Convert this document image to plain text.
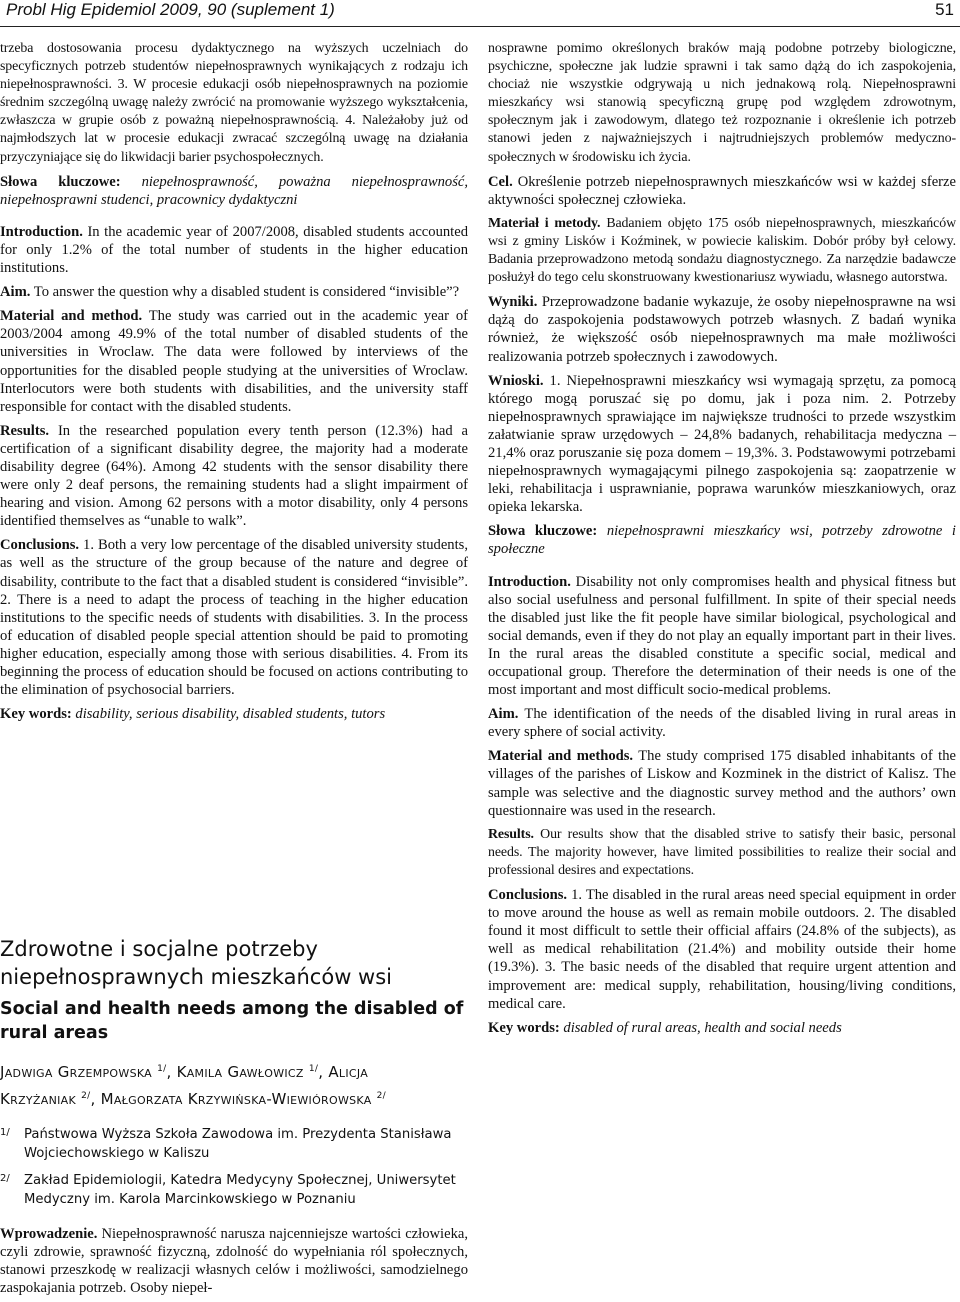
Probl Hig Epidemiol 2009, 90 (suplement 1)	51

trzeba dostosowania procesu dydaktycznego na wyższych uczelniach do specyficznych potrzeb studentów niepełnosprawnych wynikających z rodzaju ich niepełnosprawności. 3. W procesie edukacji osób niepełnosprawnych na poziomie średnim szczególną uwagę należy zwrócić na promowanie wyższego wykształcenia, zwłaszcza w grupie osób z poważną niepełnosprawnością. 4. Należałoby już od najmłodszych lat w procesie edukacji zwracać szczególną uwagę na działania przyczyniające się do likwidacji barier psychospołecznych.

Słowa kluczowe: niepełnosprawność, poważna niepełnosprawność, niepełnosprawni studenci, pracownicy dydaktyczni

Introduction. In the academic year of 2007/2008, disabled students accounted for only 1.2% of the total number of students in the higher education institutions.

Aim. To answer the question why a disabled student is considered “invisible”?

Material and method. The study was carried out in the academic year of 2003/2004 among 49.9% of the total number of disabled students of the universities in Wroclaw. The data were followed by interviews of the opportunities for the disabled people studying at the universities of Wroclaw. Interlocutors were both students with disabilities, and the university staff responsible for contact with the disabled students.

Results. In the researched population every tenth person (12.3%) had a certification of a significant disability degree, the majority had a moderate disability degree (64%). Among 42 students with the sensor disability there were only 2 deaf persons, the remaining students had a slight impairment of hearing and vision. Among 62 persons with a motor disability, only 4 persons identified themselves as “unable to walk”.

Conclusions. 1. Both a very low percentage of the disabled university students, as well as the structure of the group because of the nature and degree of disability, contribute to the fact that a disabled student is considered “invisible”. 2. There is a need to adapt the process of teaching in the higher education institutions to the specific needs of students with disabilities. 3. In the process of education of disabled people special attention should be paid to promoting higher education, especially among those with serious disabilities. 4. From its beginning the process of education should be focused on actions contributing to the elimination of psychosocial barriers.

Key words: disability, serious disability, disabled students, tutors

Zdrowotne i socjalne potrzeby niepełnosprawnych mieszkańców wsi
Social and health needs among the disabled of rural areas
Jadwiga Grzempowska $^{1/}$, Kamila Gawłowicz $^{1/}$, Alicja
Krzyżaniak $^{2/}$, Małgorzata Krzywińska-Wiewiórowska $^{2/}$
1/ Państwowa Wyższa Szkoła Zawodowa im. Prezydenta Stanisława Wojciechowskiego w Kaliszu
2/ Zakład Epidemiologii, Katedra Medycyny Społecznej, Uniwersytet Medyczny im. Karola Marcinkowskiego w Poznaniu
Wprowadzenie. Niepełnosprawność narusza najcenniejsze wartości człowieka, czyli zdrowie, sprawność fizyczną, zdolność do wypełniania ról społecznych, stanowi przeszkodę w realizacji własnych celów i możliwości, samodzielnego zaspokajania potrzeb. Osoby niepeł-

nosprawne pomimo określonych braków mają podobne potrzeby biologiczne, psychiczne, społeczne jak ludzie sprawni i tak samo dążą do ich zaspokojenia, chociaż nie wszystkie odgrywają u nich jednakową rolą. Niepełnosprawni mieszkańcy wsi stanowią specyficzną grupę pod względem zdrowotnym, społecznym jak i zawodowym, dlatego też rozpoznanie i określenie ich potrzeb stanowi jeden z najważniejszych i najtrudniejszych problemów medyczno-społecznych w środowisku ich życia.

Cel. Określenie potrzeb niepełnosprawnych mieszkańców wsi w każdej sferze aktywności społecznej człowieka.

Materiał i metody. Badaniem objęto 175 osób niepełnosprawnych, mieszkańców wsi z gminy Lisków i Koźminek, w powiecie kaliskim. Dobór próby był celowy. Badania przeprowadzono metodą sondażu diagnostycznego. Za narzędzie badawcze posłużył do tego celu skonstruowany kwestionariusz wywiadu, własnego autorstwa.

Wyniki. Przeprowadzone badanie wykazuje, że osoby niepełnosprawne na wsi dążą do zaspokojenia podstawowych potrzeb własnych. Z badań wynika również, że większość osób niepełnosprawnych ma małe możliwości realizowania potrzeb społecznych i zawodowych.

Wnioski. 1. Niepełnosprawni mieszkańcy wsi wymagają sprzętu, za pomocą którego mogą poruszać się po domu, jak i poza nim. 2. Potrzeby niepełnosprawnych sprawiające im największe trudności to przede wszystkim załatwianie spraw urzędowych – 24,8% badanych, rehabilitacja medyczna – 21,4% oraz poruszanie się poza domem – 19,3%. 3. Podstawowymi potrzebami niepełnosprawnych wymagającymi pilnego zaspokojenia są: zaopatrzenie w leki, rehabilitacja i usprawnianie, poprawa warunków mieszkaniowych, oraz opieka lekarska.

Słowa kluczowe: niepełnosprawni mieszkańcy wsi, potrzeby zdrowotne i społeczne

Introduction. Disability not only compromises health and physical fitness but also social usefulness and personal fulfillment. In spite of their special needs the disabled just like the fit people have similar biological, psychological and social demands, even if they do not play an equally important part in their lives. In the rural areas the disabled constitute a specific social, medical and occupational group. Therefore the determination of their needs is one of the most important and most difficult socio-medical problems.

Aim. The identification of the needs of the disabled living in rural areas in every sphere of social activity.

Material and methods. The study comprised 175 disabled inhabitants of the villages of the parishes of Liskow and Kozminek in the district of Kalisz. The sample was selective and the diagnostic survey method and the authors’ own questionnaire was used in the research.

Results. Our results show that the disabled strive to satisfy their basic, personal needs. The majority however, have limited possibilities to realize their social and professional desires and expectations.

Conclusions. 1. The disabled in the rural areas need special equipment in order to move around the house as well as remain mobile outdoors. 2. The disabled found it most difficult to settle their official affairs (24.8% of the subjects), as well as medical rehabilitation (21.4%) and mobility outside their home (19.3%). 3. The basic needs of the disabled that require urgent attention and improvement are: medical supply, rehabilitation, housing/living conditions, medical care.

Key words: disabled of rural areas, health and social needs
